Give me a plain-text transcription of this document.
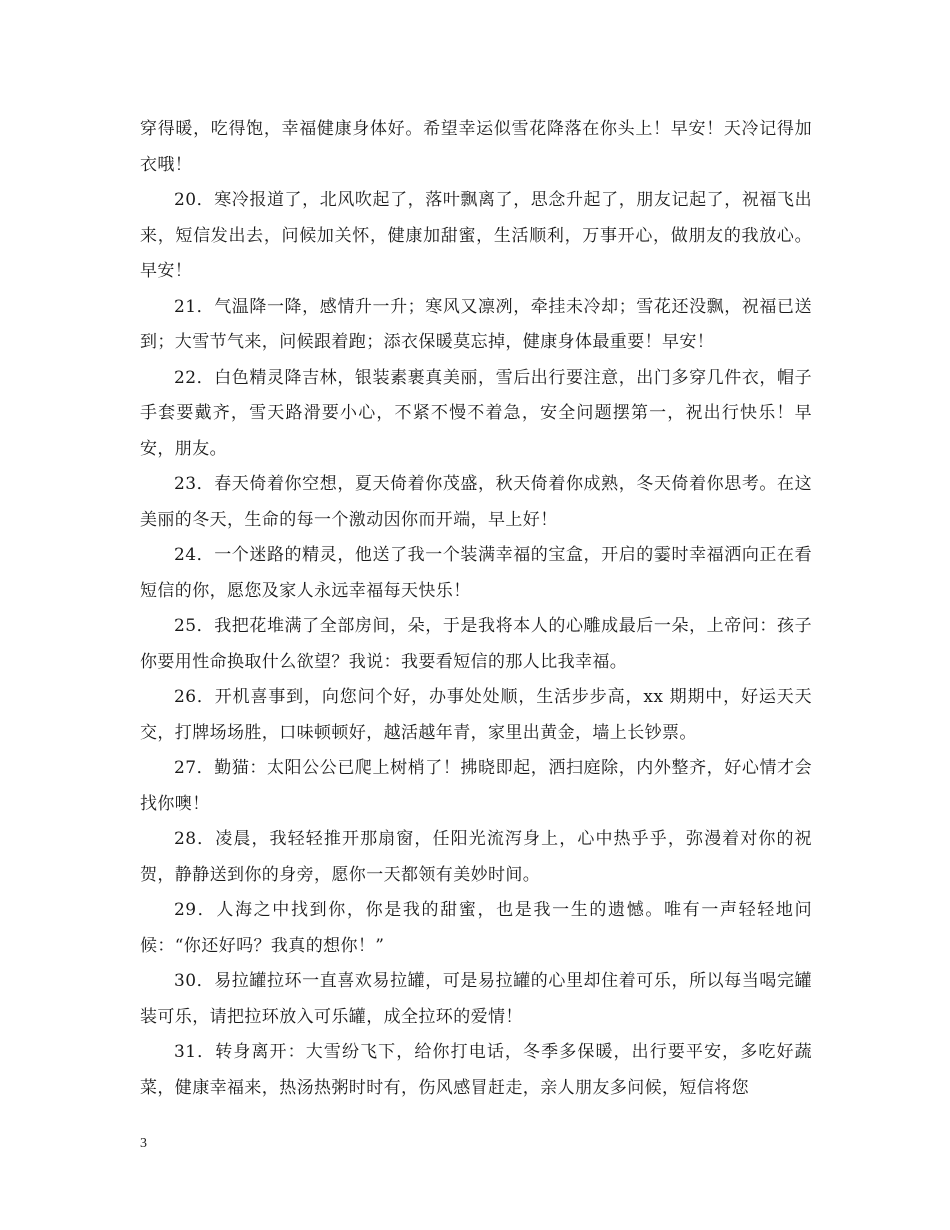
穿得暖，吃得饱，幸福健康身体好。希望幸运似雪花降落在你头上！早安！天冷记得加衣哦！

20．寒冷报道了，北风吹起了，落叶飘离了，思念升起了，朋友记起了，祝福飞出来，短信发出去，问候加关怀，健康加甜蜜，生活顺利，万事开心，做朋友的我放心。早安！

21．气温降一降，感情升一升；寒风又凛冽，牵挂未冷却；雪花还没飘，祝福已送到；大雪节气来，问候跟着跑；添衣保暖莫忘掉，健康身体最重要！早安！

22．白色精灵降吉林，银装素裹真美丽，雪后出行要注意，出门多穿几件衣，帽子手套要戴齐，雪天路滑要小心，不紧不慢不着急，安全问题摆第一，祝出行快乐！早安，朋友。

23．春天倚着你空想，夏天倚着你茂盛，秋天倚着你成熟，冬天倚着你思考。在这美丽的冬天，生命的每一个激动因你而开端，早上好！

24．一个迷路的精灵，他送了我一个装满幸福的宝盒，开启的霎时幸福洒向正在看短信的你，愿您及家人永远幸福每天快乐！

25．我把花堆满了全部房间，朵，于是我将本人的心雕成最后一朵，上帝问：孩子你要用性命换取什么欲望？我说：我要看短信的那人比我幸福。

26．开机喜事到，向您问个好，办事处处顺，生活步步高，xx 期期中，好运天天交，打牌场场胜，口味顿顿好，越活越年青，家里出黄金，墙上长钞票。

27．勤猫：太阳公公已爬上树梢了！拂晓即起，洒扫庭除，内外整齐，好心情才会找你噢！

28．凌晨，我轻轻推开那扇窗，任阳光流泻身上，心中热乎乎，弥漫着对你的祝贺，静静送到你的身旁，愿你一天都领有美妙时间。

29．人海之中找到你，你是我的甜蜜，也是我一生的遗憾。唯有一声轻轻地问候：“你还好吗？我真的想你！”

30．易拉罐拉环一直喜欢易拉罐，可是易拉罐的心里却住着可乐，所以每当喝完罐装可乐，请把拉环放入可乐罐，成全拉环的爱情！

31．转身离开：大雪纷飞下，给你打电话，冬季多保暖，出行要平安，多吃好蔬菜，健康幸福来，热汤热粥时时有，伤风感冒赶走，亲人朋友多问候，短信将您

3
